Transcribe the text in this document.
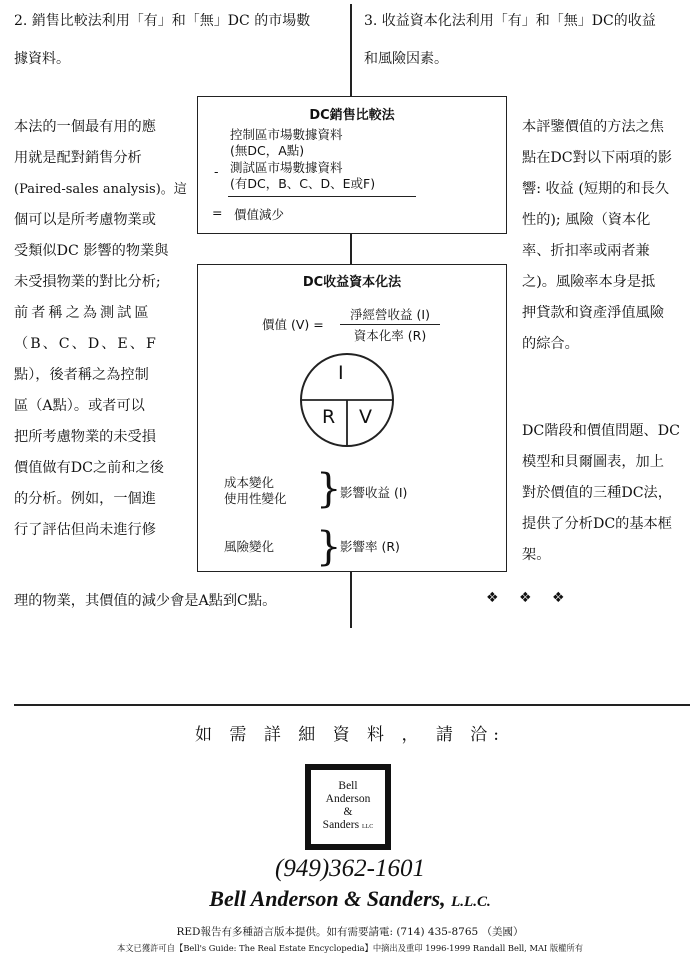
2. 銷售比較法利用「有」和「無」DC 的市場數
據資料。
3. 收益資本化法利用「有」和「無」DC的收益
和風險因素。
本法的一個最有用的應
用就是配對銷售分析
(Paired-sales analysis)。這
個可以是所考慮物業或
受類似DC 影響的物業與
未受損物業的對比分析;
前者稱之為測試區
（B、C、D、E、F
點），後者稱之為控制
區（A點）。或者可以
把所考慮物業的未受損
價值做有DC之前和之後
的分析。例如，一個進
行了評估但尚未進行修
理的物業，其價值的減少會是A點到C點。
本評鑒價值的方法之焦
點在DC對以下兩項的影
響: 收益 (短期的和長久
性的); 風險（資本化
率、折扣率或兩者兼
之)。風險率本身是抵
押貸款和資產淨值風險
的綜合。
DC階段和價值問題、DC
模型和貝爾圖表，加上
對於價值的三種DC法，
提供了分析DC的基本框
架。
❖ ❖ ❖
DC銷售比較法
控制區市場數據資料
(無DC，A點)
- 測試區市場數據資料
(有DC，B、C、D、E或F)
= 價值減少
DC收益資本化法
價值 (V) =
淨經營收益 (I)
資本化率 (R)
I
R V
成本變化
使用性變化 }
影響收益 (I)
風險變化 }
影響率 (R)
如 需 詳 細 資 料 ， 請 洽:
Bell
Anderson
&
Sanders LLC
(949)362-1601
Bell Anderson & Sanders, L.L.C.
RED報告有多種語言版本提供。如有需要請電: (714) 435-8765 （美國）
本文已獲許可自【Bell's Guide: The Real Estate Encyclopedia】中摘出及重印 1996-1999 Randall Bell, MAI 版權所有
